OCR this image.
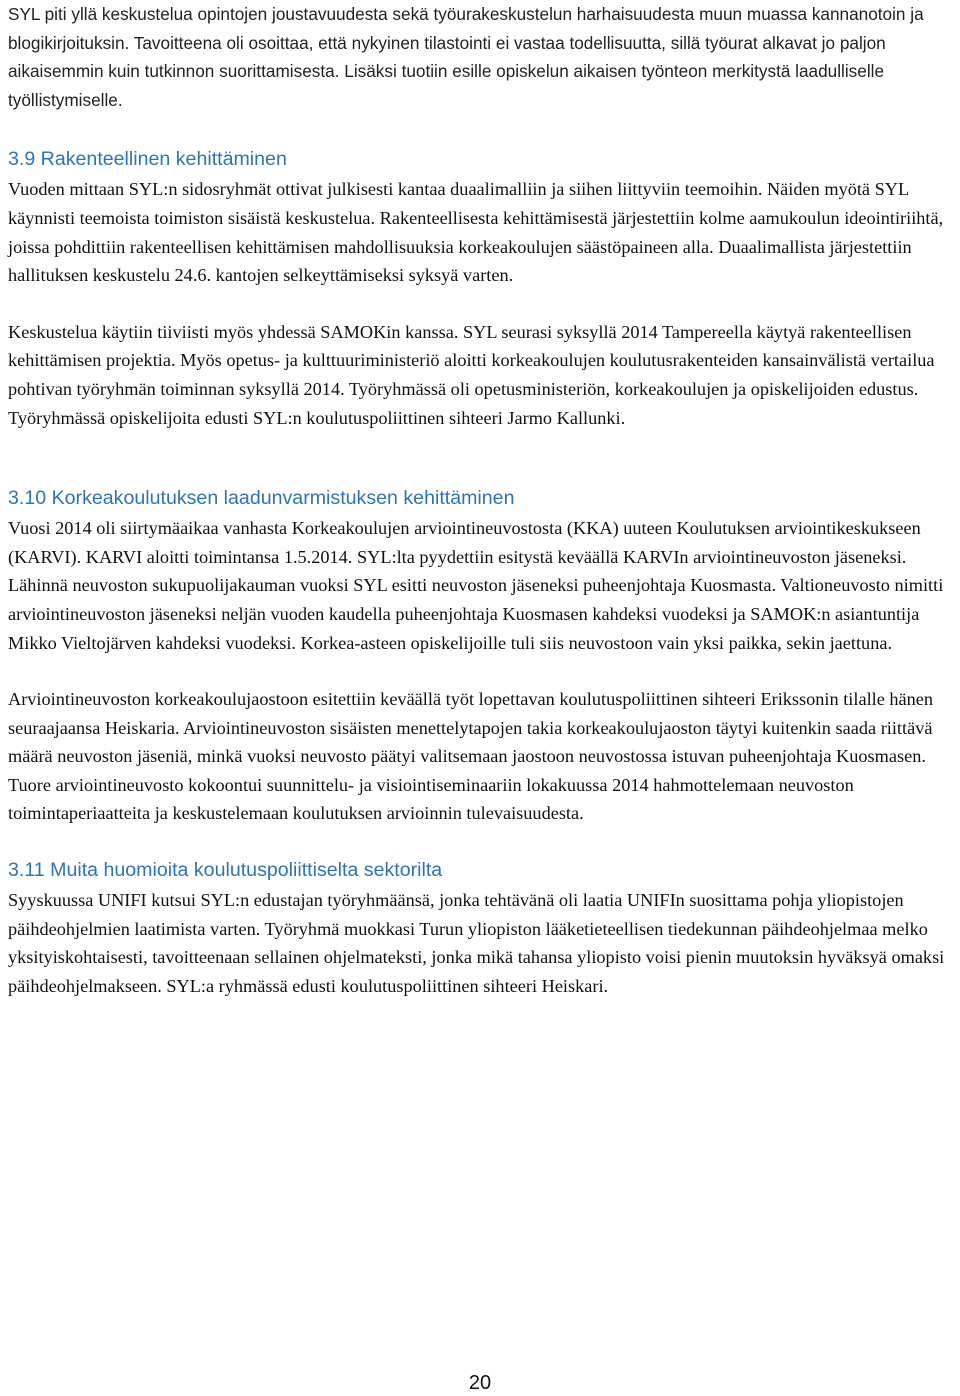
SYL piti yllä keskustelua opintojen joustavuudesta sekä työurakeskustelun harhaisuudesta muun muassa kannanotoin ja blogikirjoituksin. Tavoitteena oli osoittaa, että nykyinen tilastointi ei vastaa todellisuutta, sillä työurat alkavat jo paljon aikaisemmin kuin tutkinnon suorittamisesta. Lisäksi tuotiin esille opiskelun aikaisen työnteon merkitystä laadulliselle työllistymiselle.

3.9 Rakenteellinen kehittäminen

Vuoden mittaan SYL:n sidosryhmät ottivat julkisesti kantaa duaalimalliin ja siihen liittyviin teemoihin. Näiden myötä SYL käynnisti teemoista toimiston sisäistä keskustelua. Rakenteellisesta kehittämisestä järjestettiin kolme aamukoulun ideointiriihtä, joissa pohdittiin rakenteellisen kehittämisen mahdollisuuksia korkeakoulujen säästöpaineen alla. Duaalimallista järjestettiin hallituksen keskustelu 24.6. kantojen selkeyttämiseksi syksyä varten.

Keskustelua käytiin tiiviisti myös yhdessä SAMOKin kanssa. SYL seurasi syksyllä 2014 Tampereella käytyä rakenteellisen kehittämisen projektia. Myös opetus- ja kulttuuriministeriö aloitti korkeakoulujen koulutusrakenteiden kansainvälistä vertailua pohtivan työryhmän toiminnan syksyllä 2014. Työryhmässä oli opetusministeriön, korkeakoulujen ja opiskelijoiden edustus. Työryhmässä opiskelijoita edusti SYL:n koulutuspoliittinen sihteeri Jarmo Kallunki.

3.10 Korkeakoulutuksen laadunvarmistuksen kehittäminen

Vuosi 2014 oli siirtymäaikaa vanhasta Korkeakoulujen arviointineuvostosta (KKA) uuteen Koulutuksen arviointikeskukseen (KARVI). KARVI aloitti toimintansa 1.5.2014. SYL:lta pyydettiin esitystä keväällä KARVIn arviointineuvoston jäseneksi. Lähinnä neuvoston sukupuolijakauman vuoksi SYL esitti neuvoston jäseneksi puheenjohtaja Kuosmasta. Valtioneuvosto nimitti arviointineuvoston jäseneksi neljän vuoden kaudella puheenjohtaja Kuosmasen kahdeksi vuodeksi ja SAMOK:n asiantuntija Mikko Vieltojärven kahdeksi vuodeksi. Korkea-asteen opiskelijoille tuli siis neuvostoon vain yksi paikka, sekin jaettuna.

Arviointineuvoston korkeakoulujaostoon esitettiin keväällä työt lopettavan koulutuspoliittinen sihteeri Erikssonin tilalle hänen seuraajaansa Heiskaria. Arviointineuvoston sisäisten menettelytapojen takia korkeakoulujaoston täytyi kuitenkin saada riittävä määrä neuvoston jäseniä, minkä vuoksi neuvosto päätyi valitsemaan jaostoon neuvostossa istuvan puheenjohtaja Kuosmasen. Tuore arviointineuvosto kokoontui suunnittelu- ja visiointiseminaariin lokakuussa 2014 hahmottelemaan neuvoston toimintaperiaatteita ja keskustelemaan koulutuksen arvioinnin tulevaisuudesta.

3.11 Muita huomioita koulutuspoliittiselta sektorilta

Syyskuussa UNIFI kutsui SYL:n edustajan työryhmäänsä, jonka tehtävänä oli laatia UNIFIn suosittama pohja yliopistojen päihdeohjelmien laatimista varten. Työryhmä muokkasi Turun yliopiston lääketieteellisen tiedekunnan päihdeohjelmaa melko yksityiskohtaisesti, tavoitteenaan sellainen ohjelmateksti, jonka mikä tahansa yliopisto voisi pienin muutoksin hyväksyä omaksi päihdeohjelmakseen. SYL:a ryhmässä edusti koulutuspoliittinen sihteeri Heiskari.

20
